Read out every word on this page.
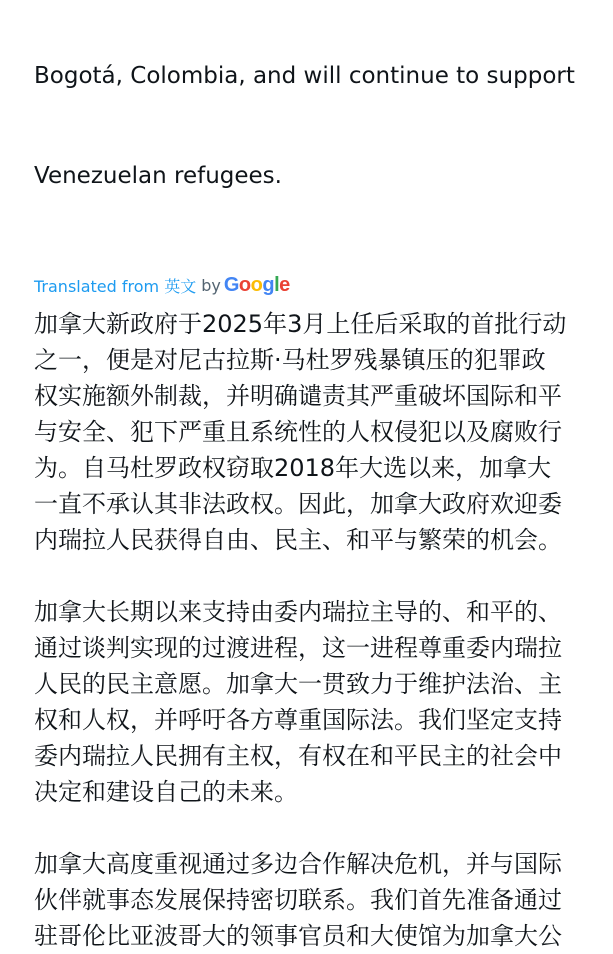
Bogotá, Colombia, and will continue to support

Venezuelan refugees.

Translated from 英文 by Google
加拿大新政府于2025年3月上任后采取的首批行动
之一，便是对尼古拉斯·马杜罗残暴镇压的犯罪政
权实施额外制裁，并明确谴责其严重破坏国际和平
与安全、犯下严重且系统性的人权侵犯以及腐败行
为。自马杜罗政权窃取2018年大选以来，加拿大
一直不承认其非法政权。因此，加拿大政府欢迎委
内瑞拉人民获得自由、民主、和平与繁荣的机会。
加拿大长期以来支持由委内瑞拉主导的、和平的、
通过谈判实现的过渡进程，这一进程尊重委内瑞拉
人民的民主意愿。加拿大一贯致力于维护法治、主
权和人权，并呼吁各方尊重国际法。我们坚定支持
委内瑞拉人民拥有主权，有权在和平民主的社会中
决定和建设自己的未来。
加拿大高度重视通过多边合作解决危机，并与国际
伙伴就事态发展保持密切联系。我们首先准备通过
驻哥伦比亚波哥大的领事官员和大使馆为加拿大公
